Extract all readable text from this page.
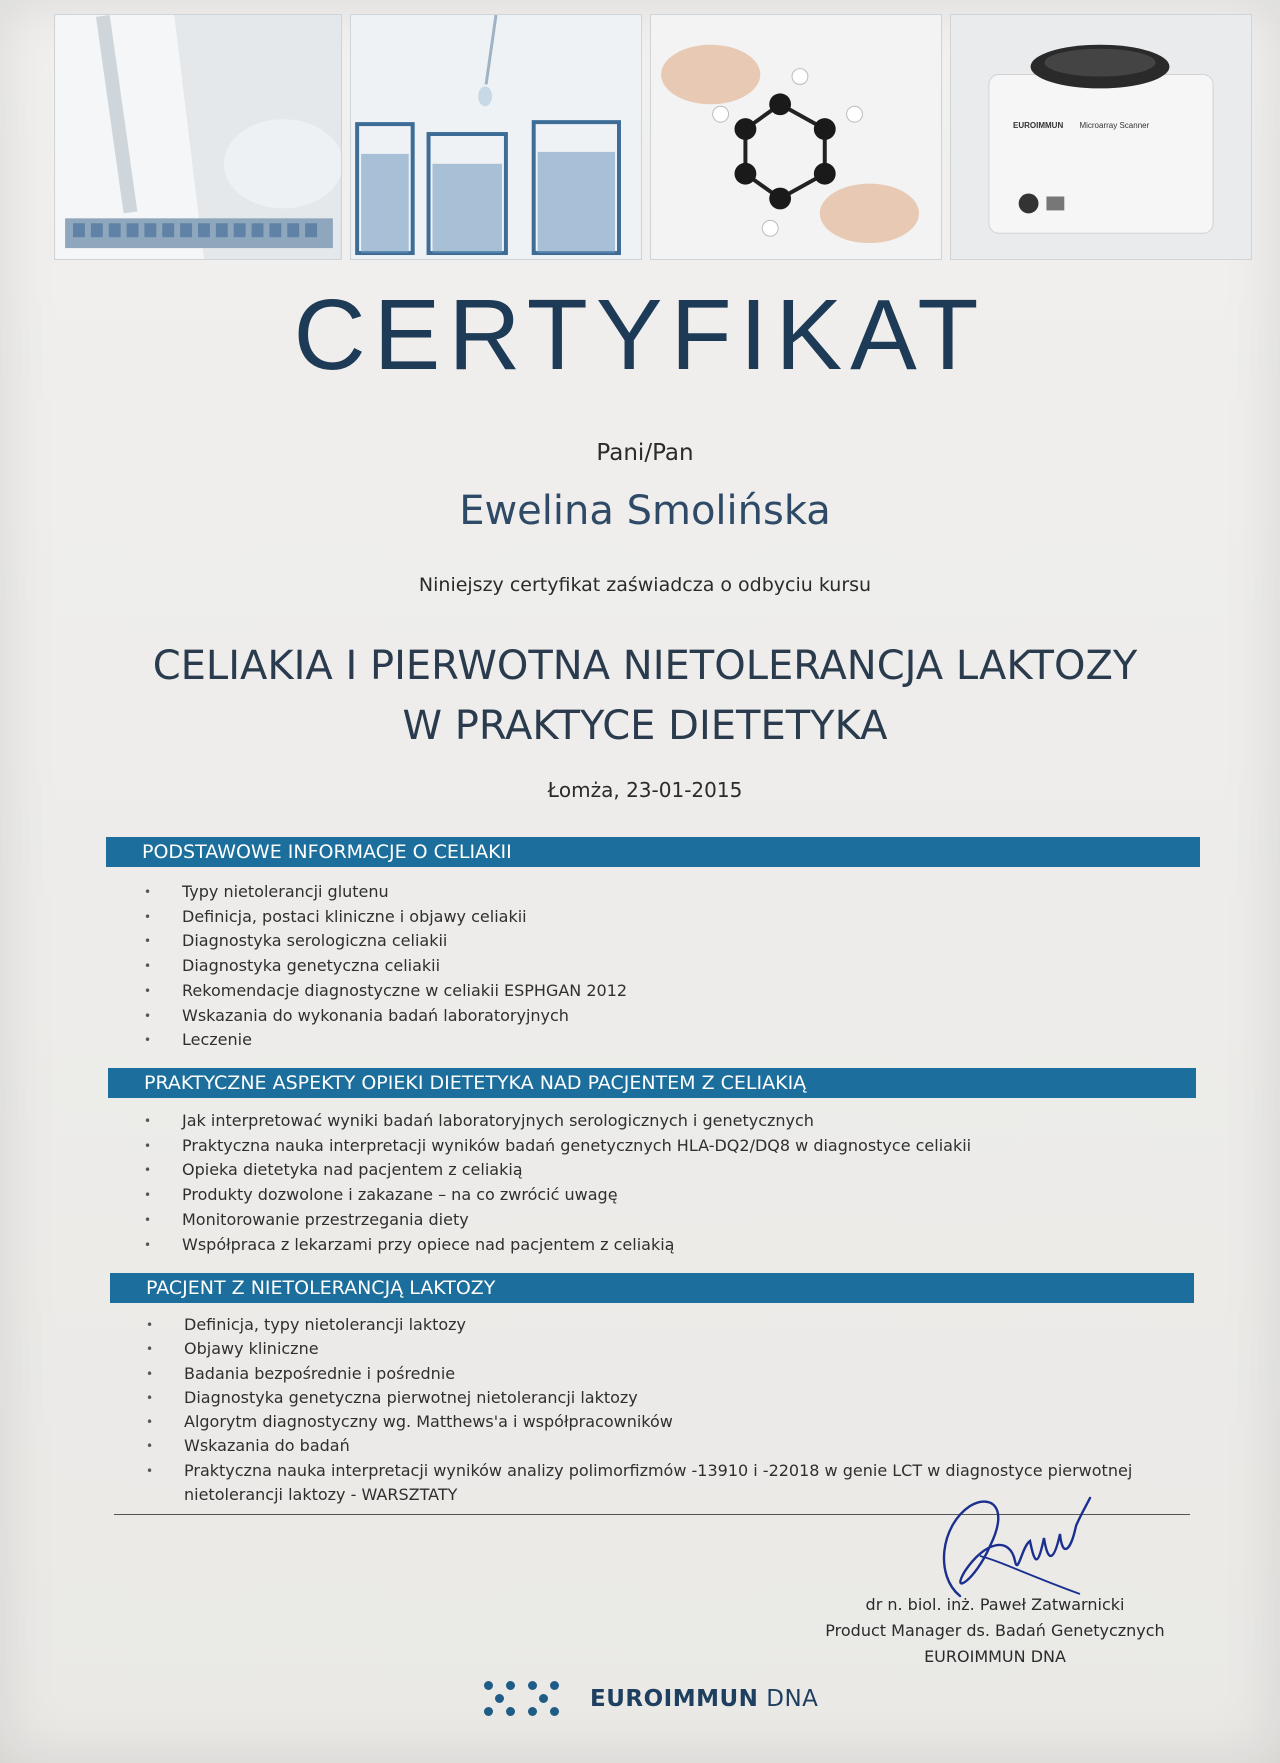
EUROIMMUN Microarray Scanner
CERTYFIKAT
Pani/Pan
Ewelina Smolińska
Niniejszy certyfikat zaświadcza o odbyciu kursu
CELIAKIA I PIERWOTNA NIETOLERANCJA LAKTOZY
W PRAKTYCE DIETETYKA
Łomża, 23-01-2015
PODSTAWOWE INFORMACJE O CELIAKII
• Typy nietolerancji glutenu
• Definicja, postaci kliniczne i objawy celiakii
• Diagnostyka serologiczna celiakii
• Diagnostyka genetyczna celiakii
• Rekomendacje diagnostyczne w celiakii ESPHGAN 2012
• Wskazania do wykonania badań laboratoryjnych
• Leczenie
PRAKTYCZNE ASPEKTY OPIEKI DIETETYKA NAD PACJENTEM Z CELIAKIĄ
• Jak interpretować wyniki badań laboratoryjnych serologicznych i genetycznych
• Praktyczna nauka interpretacji wyników badań genetycznych HLA-DQ2/DQ8 w diagnostyce celiakii
• Opieka dietetyka nad pacjentem z celiakią
• Produkty dozwolone i zakazane – na co zwrócić uwagę
• Monitorowanie przestrzegania diety
• Współpraca z lekarzami przy opiece nad pacjentem z celiakią
PACJENT Z NIETOLERANCJĄ LAKTOZY
• Definicja, typy nietolerancji laktozy
• Objawy kliniczne
• Badania bezpośrednie i pośrednie
• Diagnostyka genetyczna pierwotnej nietolerancji laktozy
• Algorytm diagnostyczny wg. Matthews'a i współpracowników
• Wskazania do badań
• Praktyczna nauka interpretacji wyników analizy polimorfizmów -13910 i -22018 w genie LCT w diagnostyce pierwotnej nietolerancji laktozy - WARSZTATY
dr n. biol. inż. Paweł Zatwarnicki
Product Manager ds. Badań Genetycznych
EUROIMMUN DNA
EUROIMMUN DNA
